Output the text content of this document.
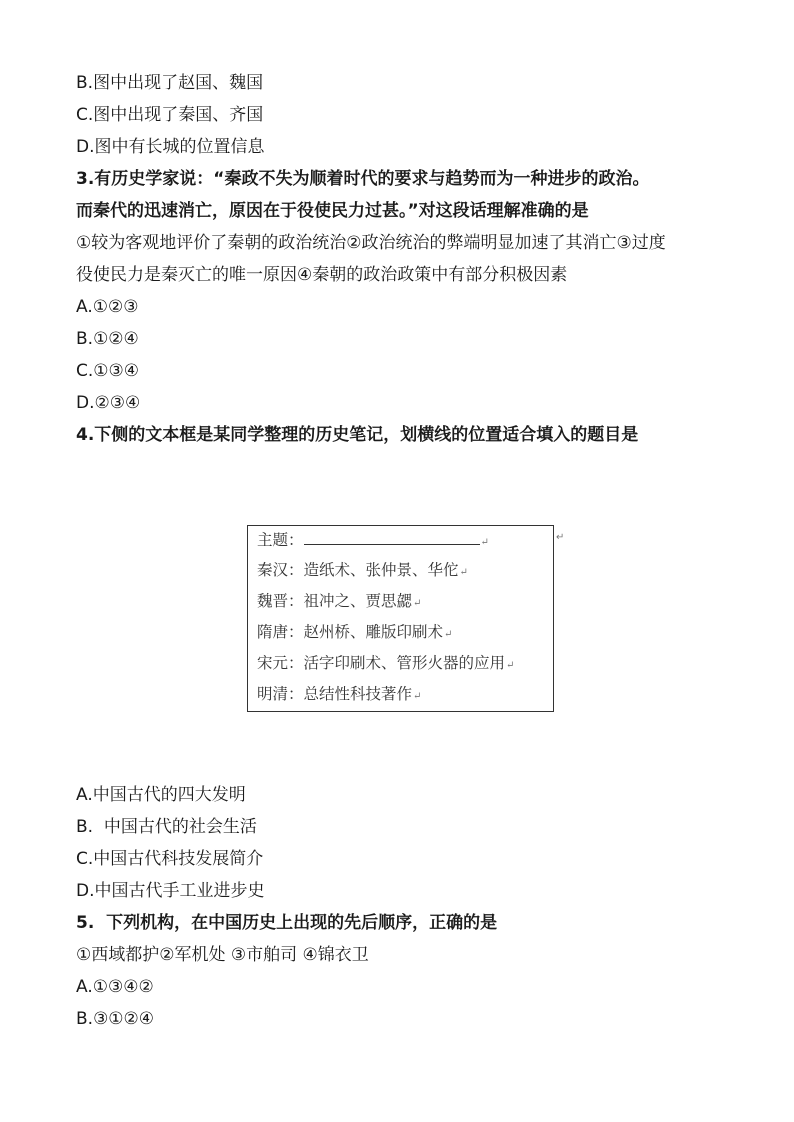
B.图中出现了赵国、魏国
C.图中出现了秦国、齐国
D.图中有长城的位置信息
3.有历史学家说：“秦政不失为顺着时代的要求与趋势而为一种进步的政治。
而秦代的迅速消亡，原因在于役使民力过甚。”对这段话理解准确的是
①较为客观地评价了秦朝的政治统治②政治统治的弊端明显加速了其消亡③过度
役使民力是秦灭亡的唯一原因④秦朝的政治政策中有部分积极因素
A.①②③
B.①②④
C.①③④
D.②③④
4.下侧的文本框是某同学整理的历史笔记，划横线的位置适合填入的题目是
主题：	↵
秦汉：造纸术、张仲景、华佗↵
魏晋：祖冲之、贾思勰↵
隋唐：赵州桥、雕版印刷术↵
宋元：活字印刷术、管形火器的应用↵
明清：总结性科技著作↵
↵
A.中国古代的四大发明
B.  中国古代的社会生活
C.中国古代科技发展简介
D.中国古代手工业进步史
5.  下列机构，在中国历史上出现的先后顺序，正确的是
①西域都护②军机处 ③市舶司 ④锦衣卫
A.①③④②
B.③①②④
